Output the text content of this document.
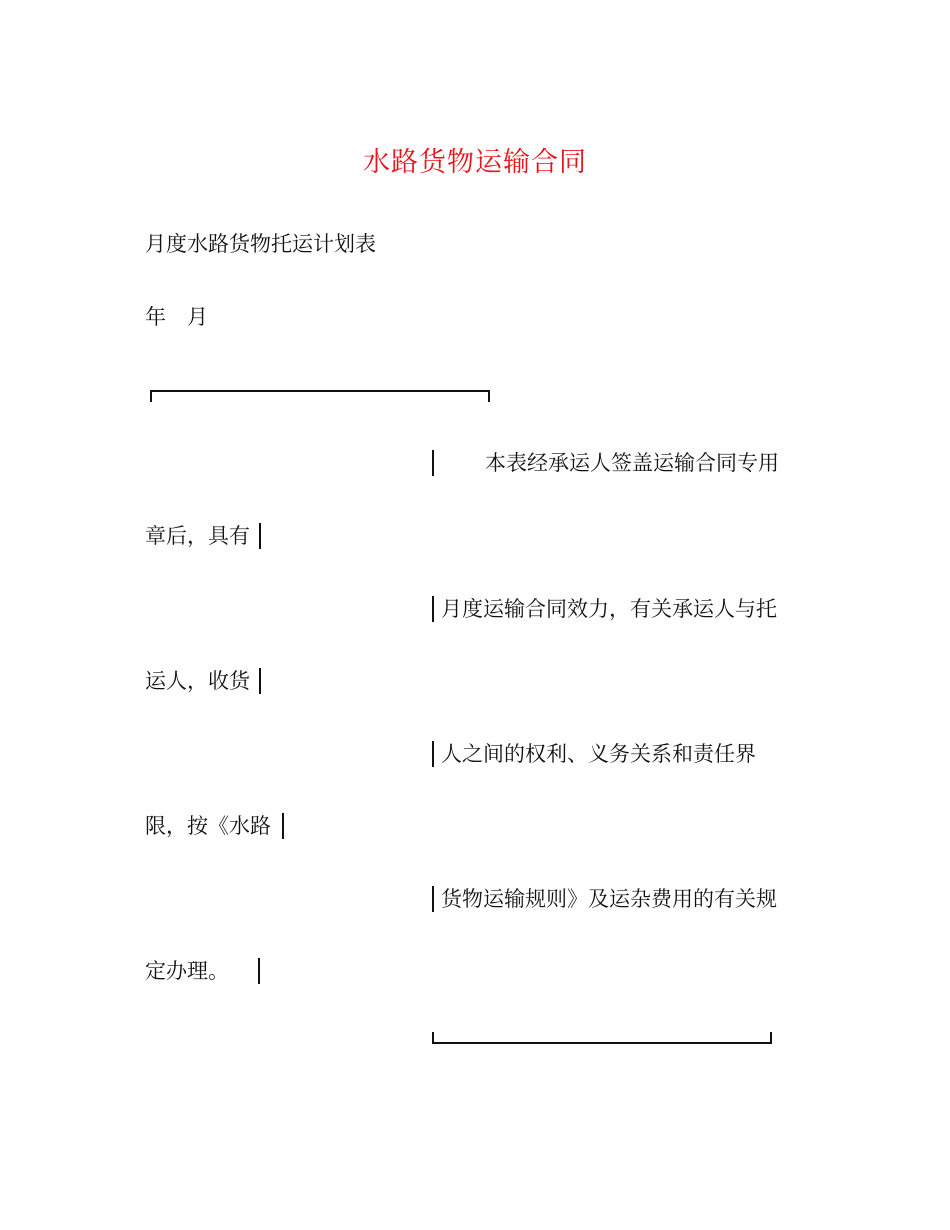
水路货物运输合同
月度水路货物托运计划表
年　月
本表经承运人签盖运输合同专用
章后，具有
月度运输合同效力，有关承运人与托
运人，收货
人之间的权利、义务关系和责任界
限，按《水路
货物运输规则》及运杂费用的有关规
定办理。
